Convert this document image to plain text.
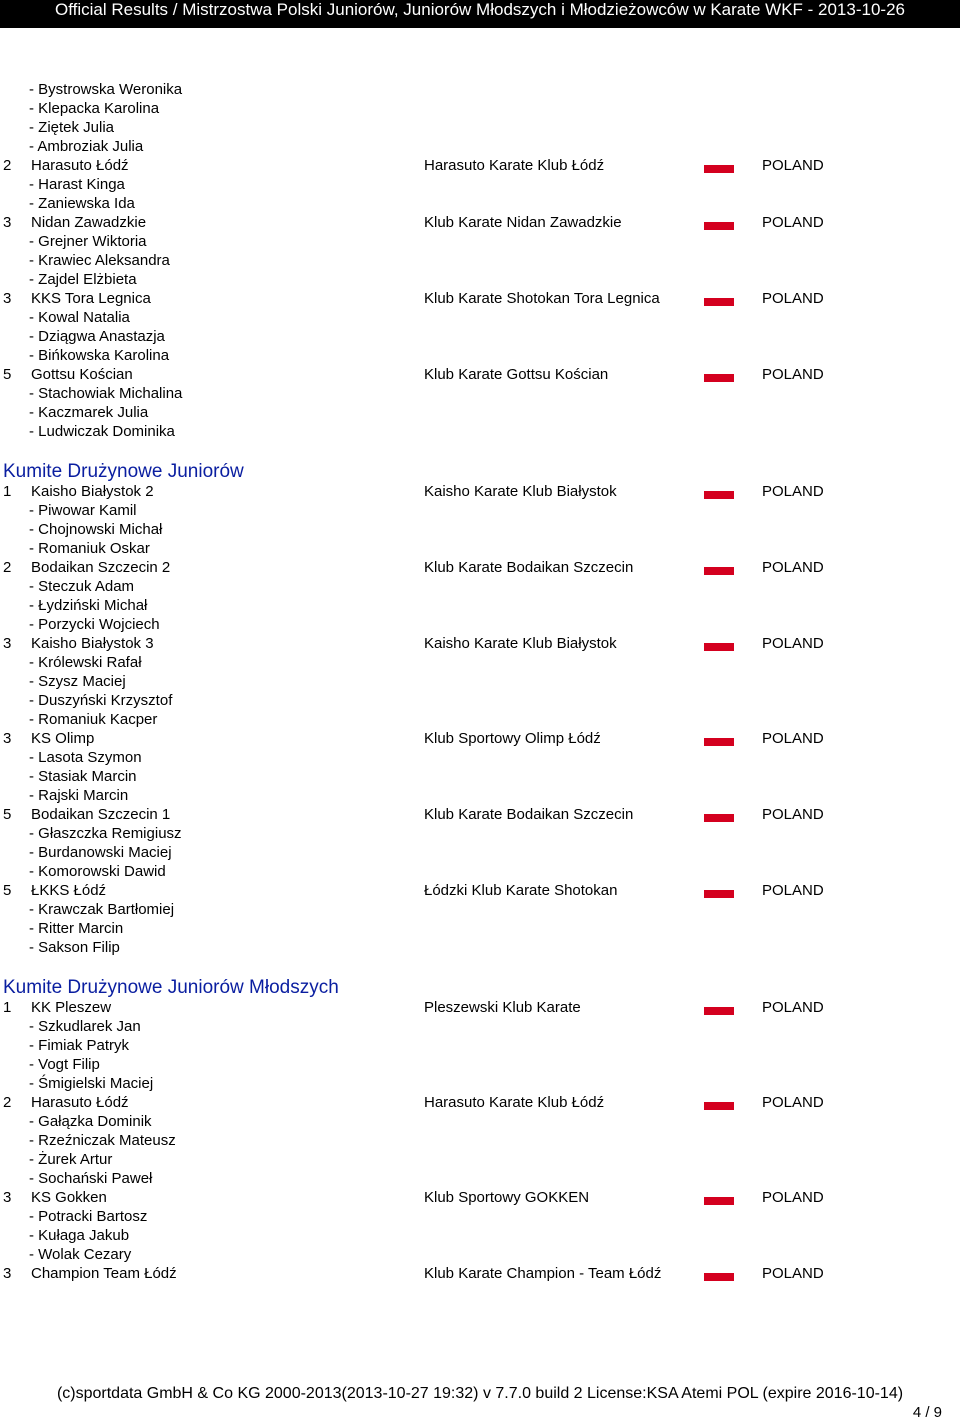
Official Results / Mistrzostwa Polski Juniorów, Juniorów Młodszych i Młodzieżowców w Karate WKF - 2013-10-26
- Bystrowska Weronika
- Klepacka Karolina
- Ziętek Julia
- Ambroziak Julia
2 Harasuto Łódź	Harasuto Karate Klub Łódź	POLAND
- Harast Kinga
- Zaniewska Ida
3 Nidan Zawadzkie	Klub Karate Nidan Zawadzkie	POLAND
- Grejner Wiktoria
- Krawiec Aleksandra
- Zajdel Elżbieta
3 KKS Tora Legnica	Klub Karate Shotokan Tora Legnica	POLAND
- Kowal Natalia
- Dziągwa Anastazja
- Bińkowska Karolina
5 Gottsu Kościan	Klub Karate Gottsu Kościan	POLAND
- Stachowiak Michalina
- Kaczmarek Julia
- Ludwiczak Dominika
Kumite Drużynowe Juniorów
1 Kaisho Białystok 2	Kaisho Karate Klub Białystok	POLAND
- Piwowar Kamil
- Chojnowski Michał
- Romaniuk Oskar
2 Bodaikan Szczecin 2	Klub Karate Bodaikan Szczecin	POLAND
- Steczuk Adam
- Łydziński Michał
- Porzycki Wojciech
3 Kaisho Białystok 3	Kaisho Karate Klub Białystok	POLAND
- Królewski Rafał
- Szysz Maciej
- Duszyński Krzysztof
- Romaniuk Kacper
3 KS Olimp	Klub Sportowy Olimp Łódź	POLAND
- Lasota Szymon
- Stasiak Marcin
- Rajski Marcin
5 Bodaikan Szczecin 1	Klub Karate Bodaikan Szczecin	POLAND
- Głaszczka Remigiusz
- Burdanowski Maciej
- Komorowski Dawid
5 ŁKKS Łódź	Łódzki Klub Karate Shotokan	POLAND
- Krawczak Bartłomiej
- Ritter Marcin
- Sakson Filip
Kumite Drużynowe Juniorów Młodszych
1 KK Pleszew	Pleszewski Klub Karate	POLAND
- Szkudlarek Jan
- Fimiak Patryk
- Vogt Filip
- Śmigielski Maciej
2 Harasuto Łódź	Harasuto Karate Klub Łódź	POLAND
- Gałązka Dominik
- Rzeźniczak Mateusz
- Żurek Artur
- Sochański Paweł
3 KS Gokken	Klub Sportowy GOKKEN	POLAND
- Potracki Bartosz
- Kułaga Jakub
- Wolak Cezary
3 Champion Team Łódź	Klub Karate Champion - Team Łódź	POLAND
(c)sportdata GmbH & Co KG 2000-2013(2013-10-27 19:32) v 7.7.0 build 2 License:KSA Atemi POL (expire 2016-10-14)
4 / 9
